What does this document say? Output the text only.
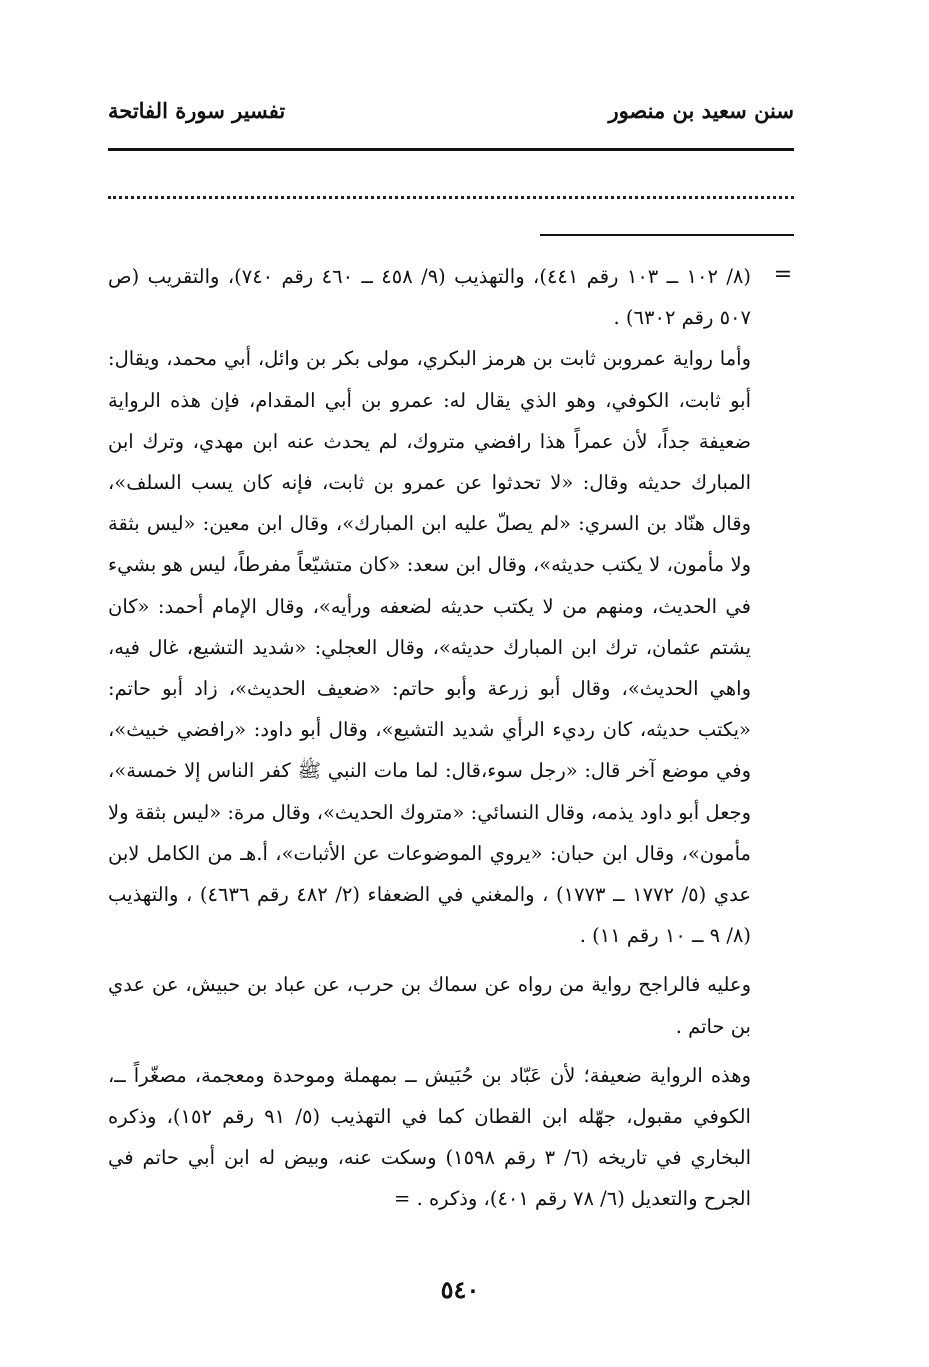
سنن سعيد بن منصور
تفسير سورة الفاتحة
=

(٨/ ١٠٢ ــ ١٠٣ رقم ٤٤١)، والتهذيب (٩/ ٤٥٨ ــ ٤٦٠ رقم ٧٤٠)، والتقريب (ص ٥٠٧ رقم ٦٣٠٢) .

وأما رواية عمروبن ثابت بن هرمز البكري، مولى بكر بن وائل، أبي محمد، ويقال: أبو ثابت، الكوفي، وهو الذي يقال له: عمرو بن أبي المقدام، فإن هذه الرواية ضعيفة جداً، لأن عمراً هذا رافضي متروك، لم يحدث عنه ابن مهدي، وترك ابن المبارك حديثه وقال: «لا تحدثوا عن عمرو بن ثابت، فإنه كان يسب السلف»، وقال هنّاد بن السري: «لم يصلّ عليه ابن المبارك»، وقال ابن معين: «ليس بثقة ولا مأمون، لا يكتب حديثه»، وقال ابن سعد: «كان متشيّعاً مفرطاً، ليس هو بشيء في الحديث، ومنهم من لا يكتب حديثه لضعفه ورأيه»، وقال الإمام أحمد: «كان يشتم عثمان، ترك ابن المبارك حديثه»، وقال العجلي: «شديد التشيع، غال فيه، واهي الحديث»، وقال أبو زرعة وأبو حاتم: «ضعيف الحديث»، زاد أبو حاتم: «يكتب حديثه، كان رديء الرأي شديد التشيع»، وقال أبو داود: «رافضي خبيث»، وفي موضع آخر قال: «رجل سوء،قال: لما مات النبي ﷺ كفر الناس إلا خمسة»، وجعل أبو داود يذمه، وقال النسائي: «متروك الحديث»، وقال مرة: «ليس بثقة ولا مأمون»، وقال ابن حبان: «يروي الموضوعات عن الأثبات»، أ.هـ من الكامل لابن عدي (٥/ ١٧٧٢ ــ ١٧٧٣) ، والمغني في الضعفاء (٢/ ٤٨٢ رقم ٤٦٣٦) ، والتهذيب (٨/ ٩ ــ ١٠ رقم ١١) .

وعليه فالراجح رواية من رواه عن سماك بن حرب، عن عباد بن حبيش، عن عدي بن حاتم .

وهذه الرواية ضعيفة؛ لأن عَبّاد بن حُبَيش ــ بمهملة وموحدة ومعجمة، مصغّراً ــ، الكوفي مقبول، جهّله ابن القطان كما في التهذيب (٥/ ٩١ رقم ١٥٢)، وذكره البخاري في تاريخه (٦/ ٣ رقم ١٥٩٨) وسكت عنه، وبيض له ابن أبي حاتم في الجرح والتعديل (٦/ ٧٨ رقم ٤٠١)، وذكره . =

٥٤٠
